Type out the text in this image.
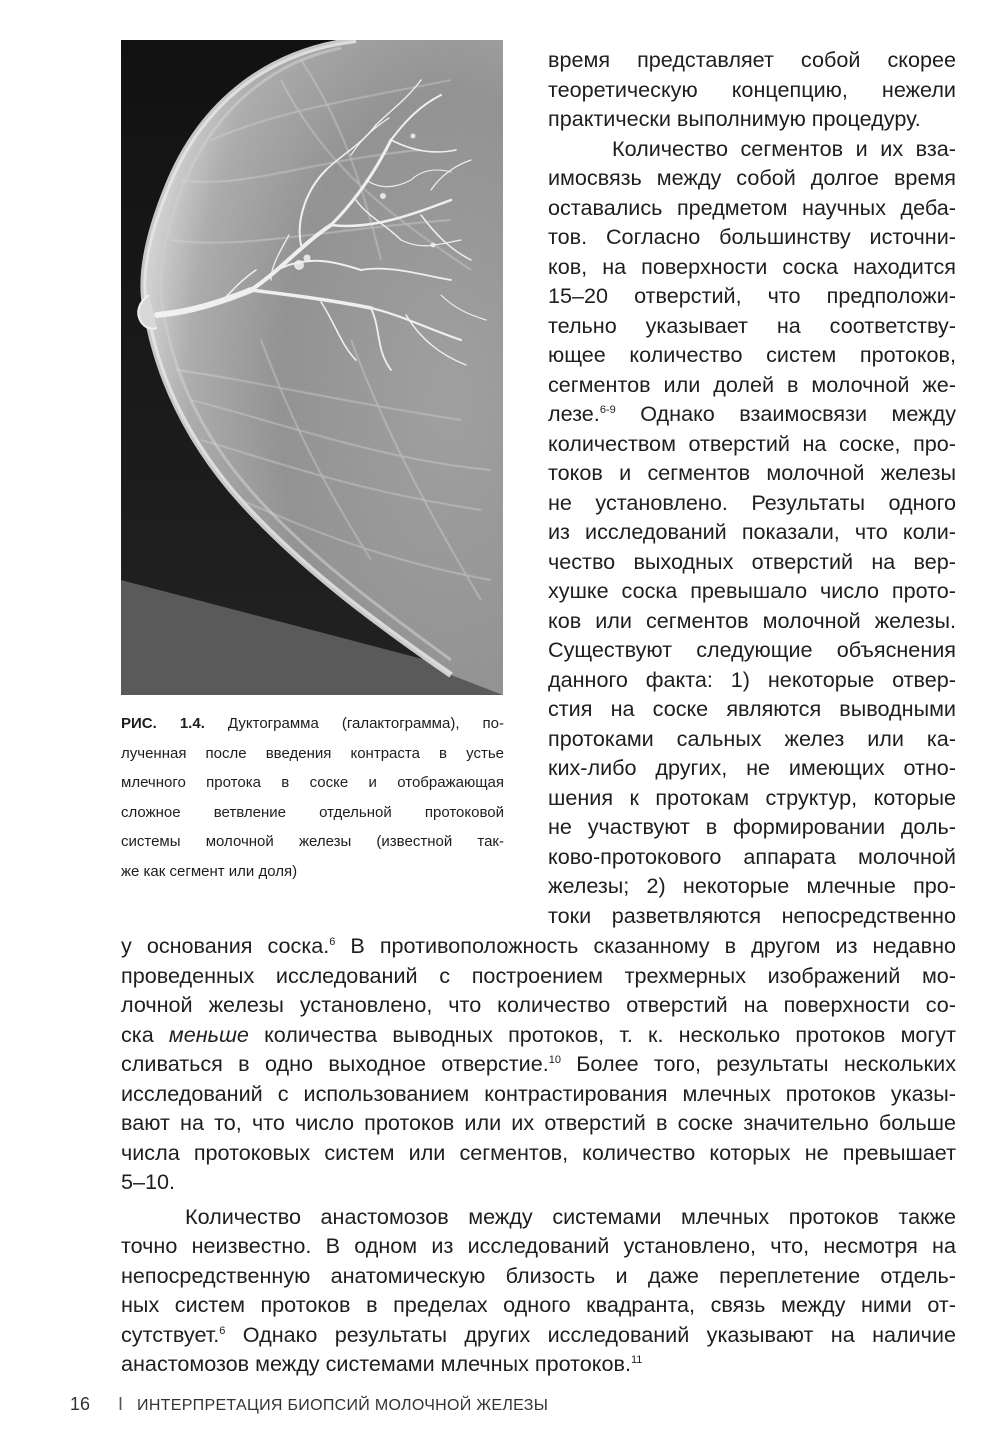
РИС. 1.4. Дуктограмма (галактограмма), по-
лученная после введения контраста в устье
млечного протока в соске и отображающая
сложное ветвление отдельной протоковой
системы молочной железы (известной так-
же как сегмент или доля)
время представляет собой скорее
теоретическую концепцию, нежели
практически выполнимую процедуру.
Количество сегментов и их вза-
имосвязь между собой долгое время
оставались предметом научных деба-
тов. Согласно большинству источни-
ков, на поверхности соска находится
15–20 отверстий, что предположи-
тельно указывает на соответству-
ющее количество систем протоков,
сегментов или долей в молочной же-
лезе.$^{6-9}$ Однако взаимосвязи между
количеством отверстий на соске, про-
токов и сегментов молочной железы
не установлено. Результаты одного
из исследований показали, что коли-
чество выходных отверстий на вер-
хушке соска превышало число прото-
ков или сегментов молочной железы.
Существуют следующие объяснения
данного факта: 1) некоторые отвер-
стия на соске являются выводными
протоками сальных желез или ка-
ких-либо других, не имеющих отно-
шения к протокам структур, которые
не участвуют в формировании доль-
ково-протокового аппарата молочной
железы; 2) некоторые млечные про-
токи разветвляются непосредственно
у основания соска.$^6$ В противоположность сказанному в другом из недавно
проведенных исследований с построением трехмерных изображений мо-
лочной железы установлено, что количество отверстий на поверхности со-
ска меньше количества выводных протоков, т. к. несколько протоков могут
сливаться в одно выходное отверстие.$^{10}$ Более того, результаты нескольких
исследований с использованием контрастирования млечных протоков указы-
вают на то, что число протоков или их отверстий в соске значительно больше
числа протоковых систем или сегментов, количество которых не превышает
5–10.
Количество анастомозов между системами млечных протоков также
точно неизвестно. В одном из исследований установлено, что, несмотря на
непосредственную анатомическую близость и даже переплетение отдель-
ных систем протоков в пределах одного квадранта, связь между ними от-
сутствует.$^6$ Однако результаты других исследований указывают на наличие
анастомозов между системами млечных протоков.$^{11}$
16 I ИНТЕРПРЕТАЦИЯ БИОПСИЙ МОЛОЧНОЙ ЖЕЛЕЗЫ
